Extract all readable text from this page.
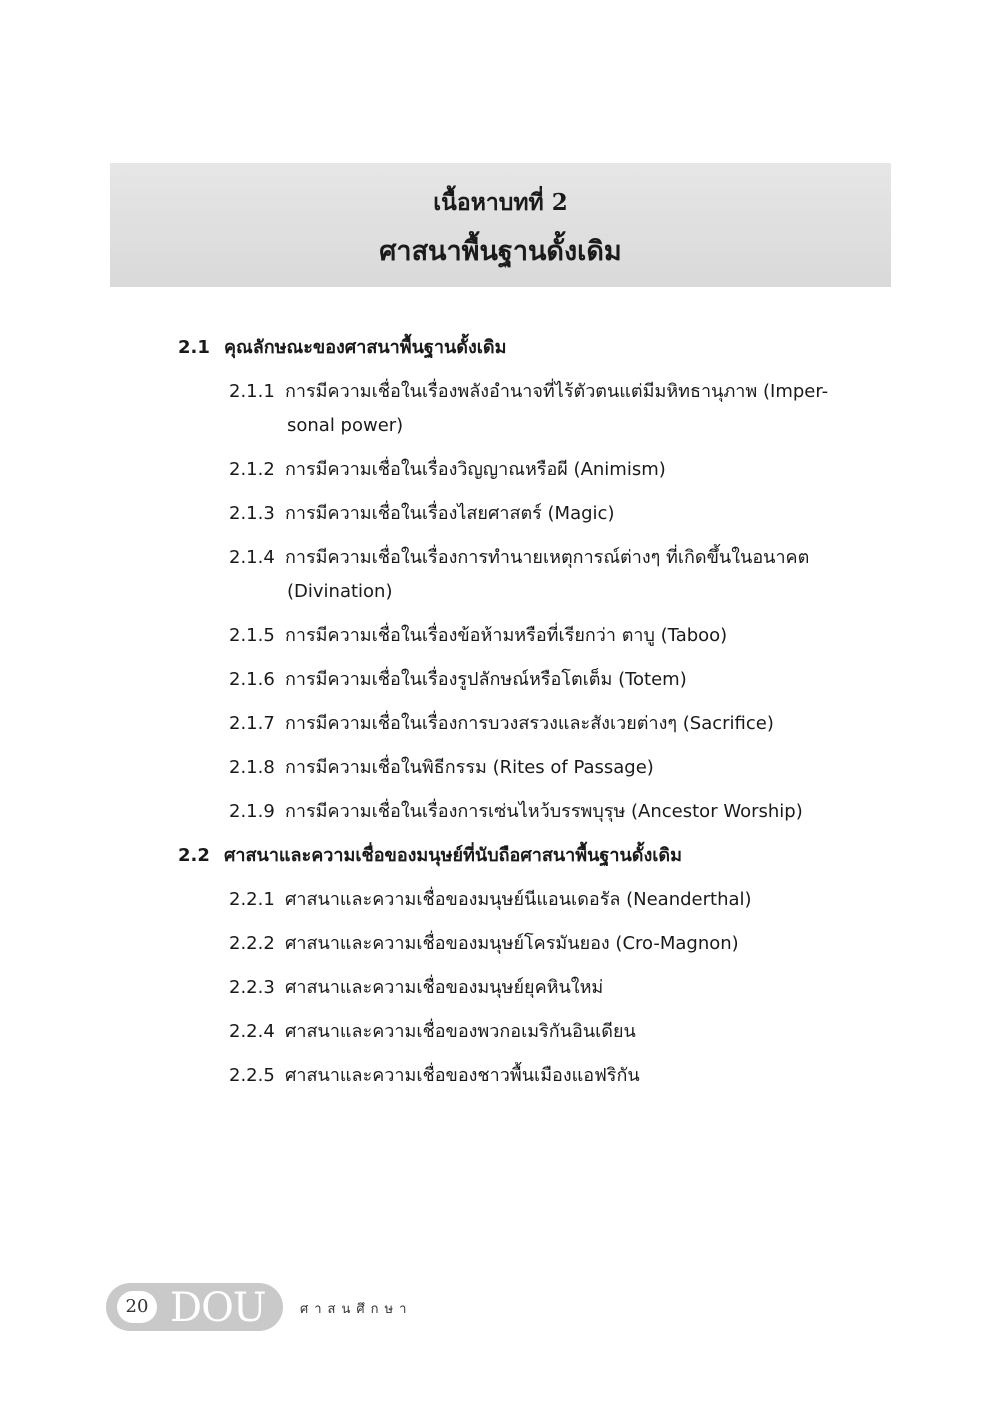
เนื้อหาบทที่ 2
ศาสนาพื้นฐานดั้งเดิม
2.1 คุณลักษณะของศาสนาพื้นฐานดั้งเดิม
2.1.1 การมีความเชื่อในเรื่องพลังอำนาจที่ไร้ตัวตนแต่มีมหิทธานุภาพ (Imper-
sonal power)
2.1.2 การมีความเชื่อในเรื่องวิญญาณหรือผี (Animism)
2.1.3 การมีความเชื่อในเรื่องไสยศาสตร์ (Magic)
2.1.4 การมีความเชื่อในเรื่องการทำนายเหตุการณ์ต่างๆ ที่เกิดขึ้นในอนาคต
(Divination)
2.1.5 การมีความเชื่อในเรื่องข้อห้ามหรือที่เรียกว่า ตาบู (Taboo)
2.1.6 การมีความเชื่อในเรื่องรูปลักษณ์หรือโตเต็ม (Totem)
2.1.7 การมีความเชื่อในเรื่องการบวงสรวงและสังเวยต่างๆ (Sacrifice)
2.1.8 การมีความเชื่อในพิธีกรรม (Rites of Passage)
2.1.9 การมีความเชื่อในเรื่องการเซ่นไหว้บรรพบุรุษ (Ancestor Worship)
2.2 ศาสนาและความเชื่อของมนุษย์ที่นับถือศาสนาพื้นฐานดั้งเดิม
2.2.1 ศาสนาและความเชื่อของมนุษย์นีแอนเดอรัล (Neanderthal)
2.2.2 ศาสนาและความเชื่อของมนุษย์โครมันยอง (Cro-Magnon)
2.2.3 ศาสนาและความเชื่อของมนุษย์ยุคหินใหม่
2.2.4 ศาสนาและความเชื่อของพวกอเมริกันอินเดียน
2.2.5 ศาสนาและความเชื่อของชาวพื้นเมืองแอฟริกัน
20 DOU	ศาสนศึกษา
